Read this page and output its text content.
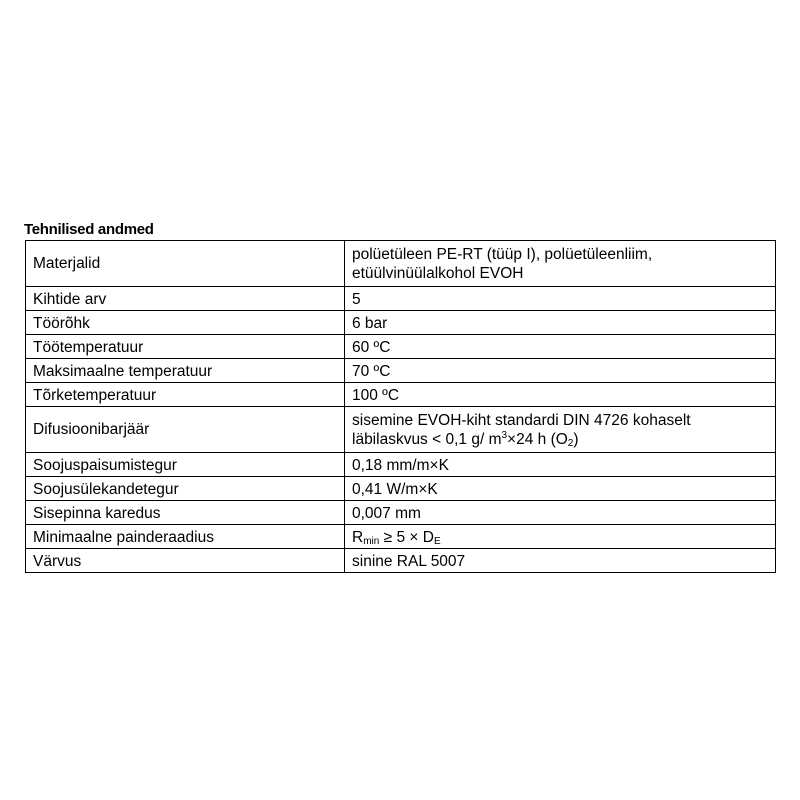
Tehnilised andmed
Materjalid	polüetüleen PE-RT (tüüp I), polüetüleenliim,
etüülvinüülalkohol EVOH

Kihtide arv	5
Töörõhk	6 bar
Töötemperatuur	60 ºC
Maksimaalne temperatuur	70 ºC
Tõrketemperatuur	100 ºC
Difusioonibarjäär	sisemine EVOH-kiht standardi DIN 4726 kohaselt
läbilaskvus < 0,1 g/ $m^3\times 24$ h (O2)

Soojuspaisumistegur	0,18 mm/m×K
Soojusülekandetegur	0,41 W/m×K
Sisepinna karedus	0,007 mm
Minimaalne painderaadius	Rmin ≥ 5 × DE
Värvus	sinine RAL 5007
